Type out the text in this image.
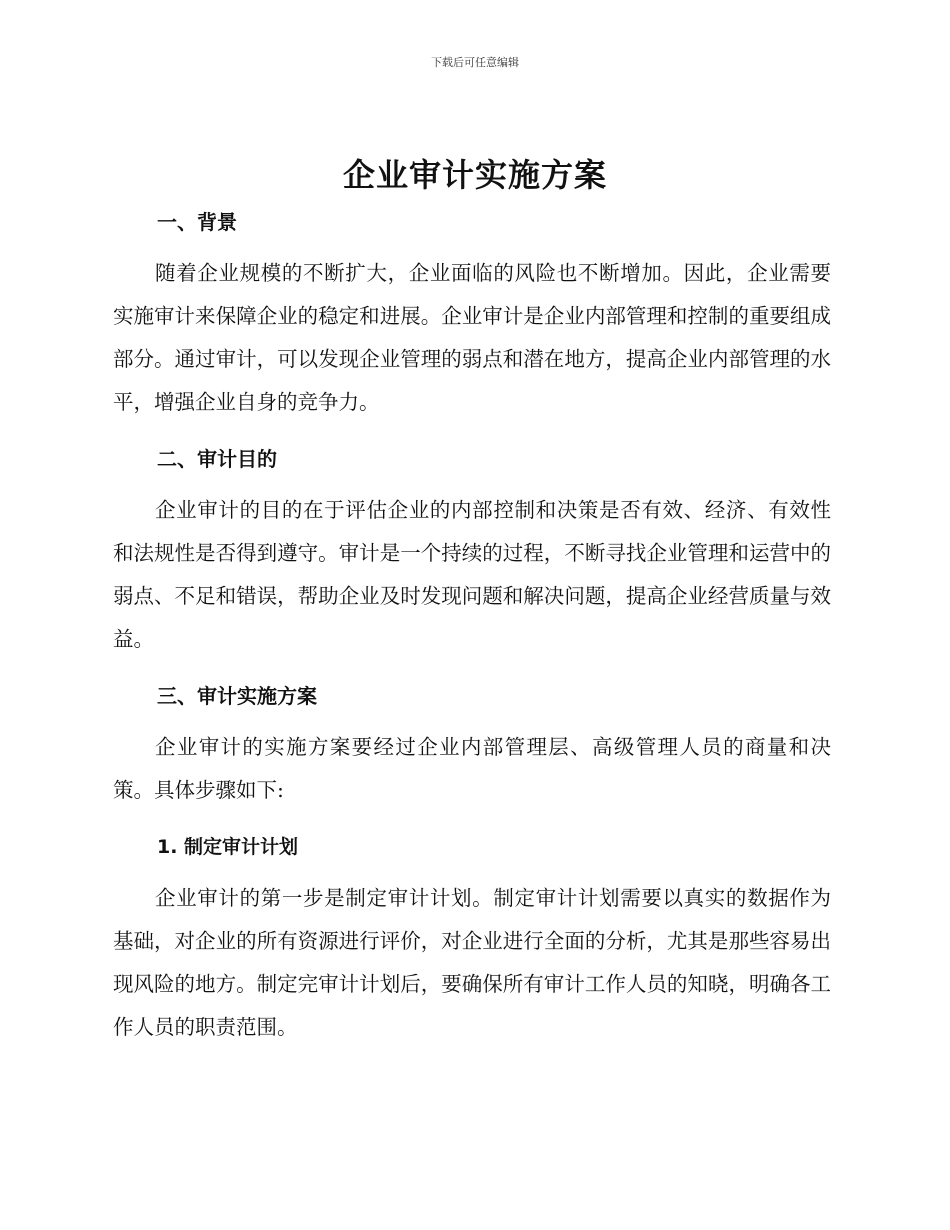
下载后可任意编辑
企业审计实施方案
一、背景

随着企业规模的不断扩大，企业面临的风险也不断增加。因此，企业需要实施审计来保障企业的稳定和进展。企业审计是企业内部管理和控制的重要组成部分。通过审计，可以发现企业管理的弱点和潜在地方，提高企业内部管理的水平，增强企业自身的竞争力。

二、审计目的

企业审计的目的在于评估企业的内部控制和决策是否有效、经济、有效性和法规性是否得到遵守。审计是一个持续的过程，不断寻找企业管理和运营中的弱点、不足和错误，帮助企业及时发现问题和解决问题，提高企业经营质量与效益。

三、审计实施方案

企业审计的实施方案要经过企业内部管理层、高级管理人员的商量和决策。具体步骤如下:

1. 制定审计计划

企业审计的第一步是制定审计计划。制定审计计划需要以真实的数据作为基础，对企业的所有资源进行评价，对企业进行全面的分析，尤其是那些容易出现风险的地方。制定完审计计划后，要确保所有审计工作人员的知晓，明确各工作人员的职责范围。
